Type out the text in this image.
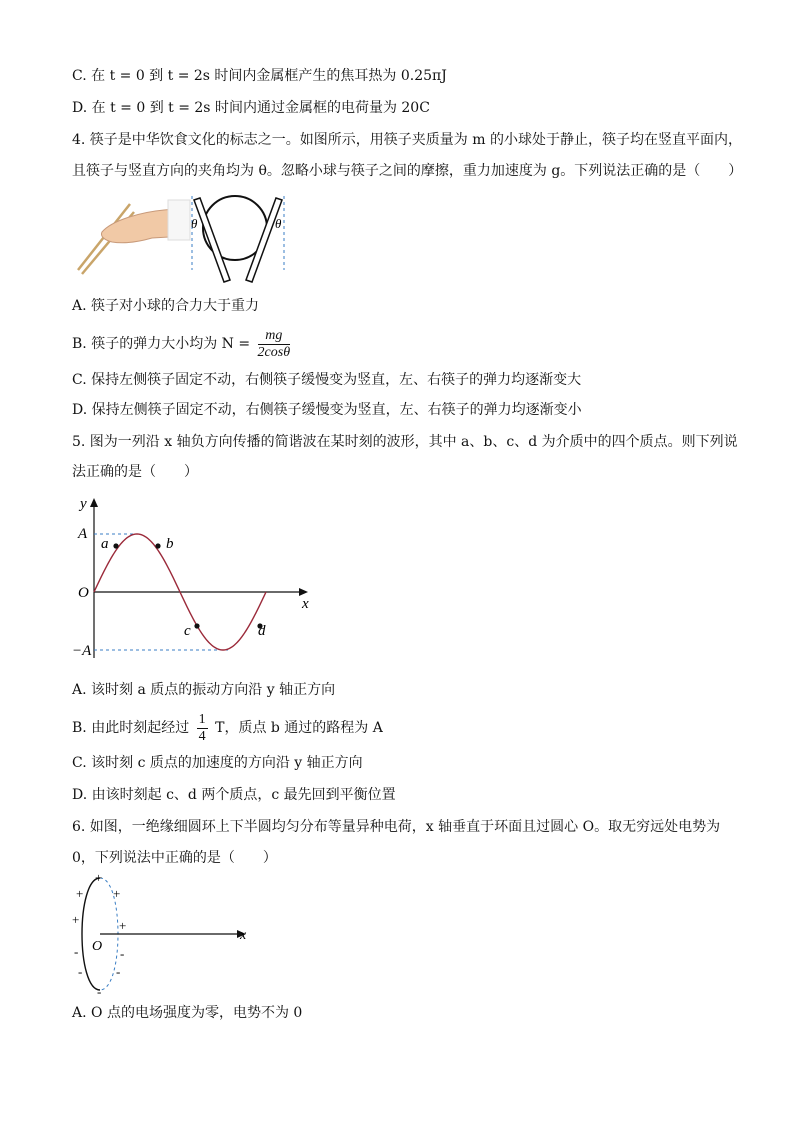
C. 在 t = 0 到 t = 2s 时间内金属框产生的焦耳热为 0.25πJ
D. 在 t = 0 到 t = 2s 时间内通过金属框的电荷量为 20C
4. 筷子是中华饮食文化的标志之一。如图所示，用筷子夹质量为 m 的小球处于静止，筷子均在竖直平面内，
且筷子与竖直方向的夹角均为 θ。忽略小球与筷子之间的摩擦，重力加速度为 g。下列说法正确的是（　　）
θ	θ
A. 筷子对小球的合力大于重力
B. 筷子的弹力大小均为 $N = \frac{mg}{2\cos\theta}$
C. 保持左侧筷子固定不动，右侧筷子缓慢变为竖直，左、右筷子的弹力均逐渐变大
D. 保持左侧筷子固定不动，右侧筷子缓慢变为竖直，左、右筷子的弹力均逐渐变小
5. 图为一列沿 x 轴负方向传播的简谐波在某时刻的波形，其中 a、b、c、d 为介质中的四个质点。则下列说
法正确的是（　　）
y
x
A
−A
O
a	b
c	d
A. 该时刻 a 质点的振动方向沿 y 轴正方向
B. 由此时刻起经过 $\frac{1}{4}$ T，质点 b 通过的路程为 A
C. 该时刻 c 质点的加速度的方向沿 y 轴正方向
D. 由该时刻起 c、d 两个质点，c 最先回到平衡位置
6. 如图，一绝缘细圆环上下半圆均匀分布等量异种电荷，x 轴垂直于环面且过圆心 O。取无穷远处电势为
0，下列说法中正确的是（　　）
x
O
+
+ +
+	+
-	-
-	-
-
A. O 点的电场强度为零，电势不为 0
